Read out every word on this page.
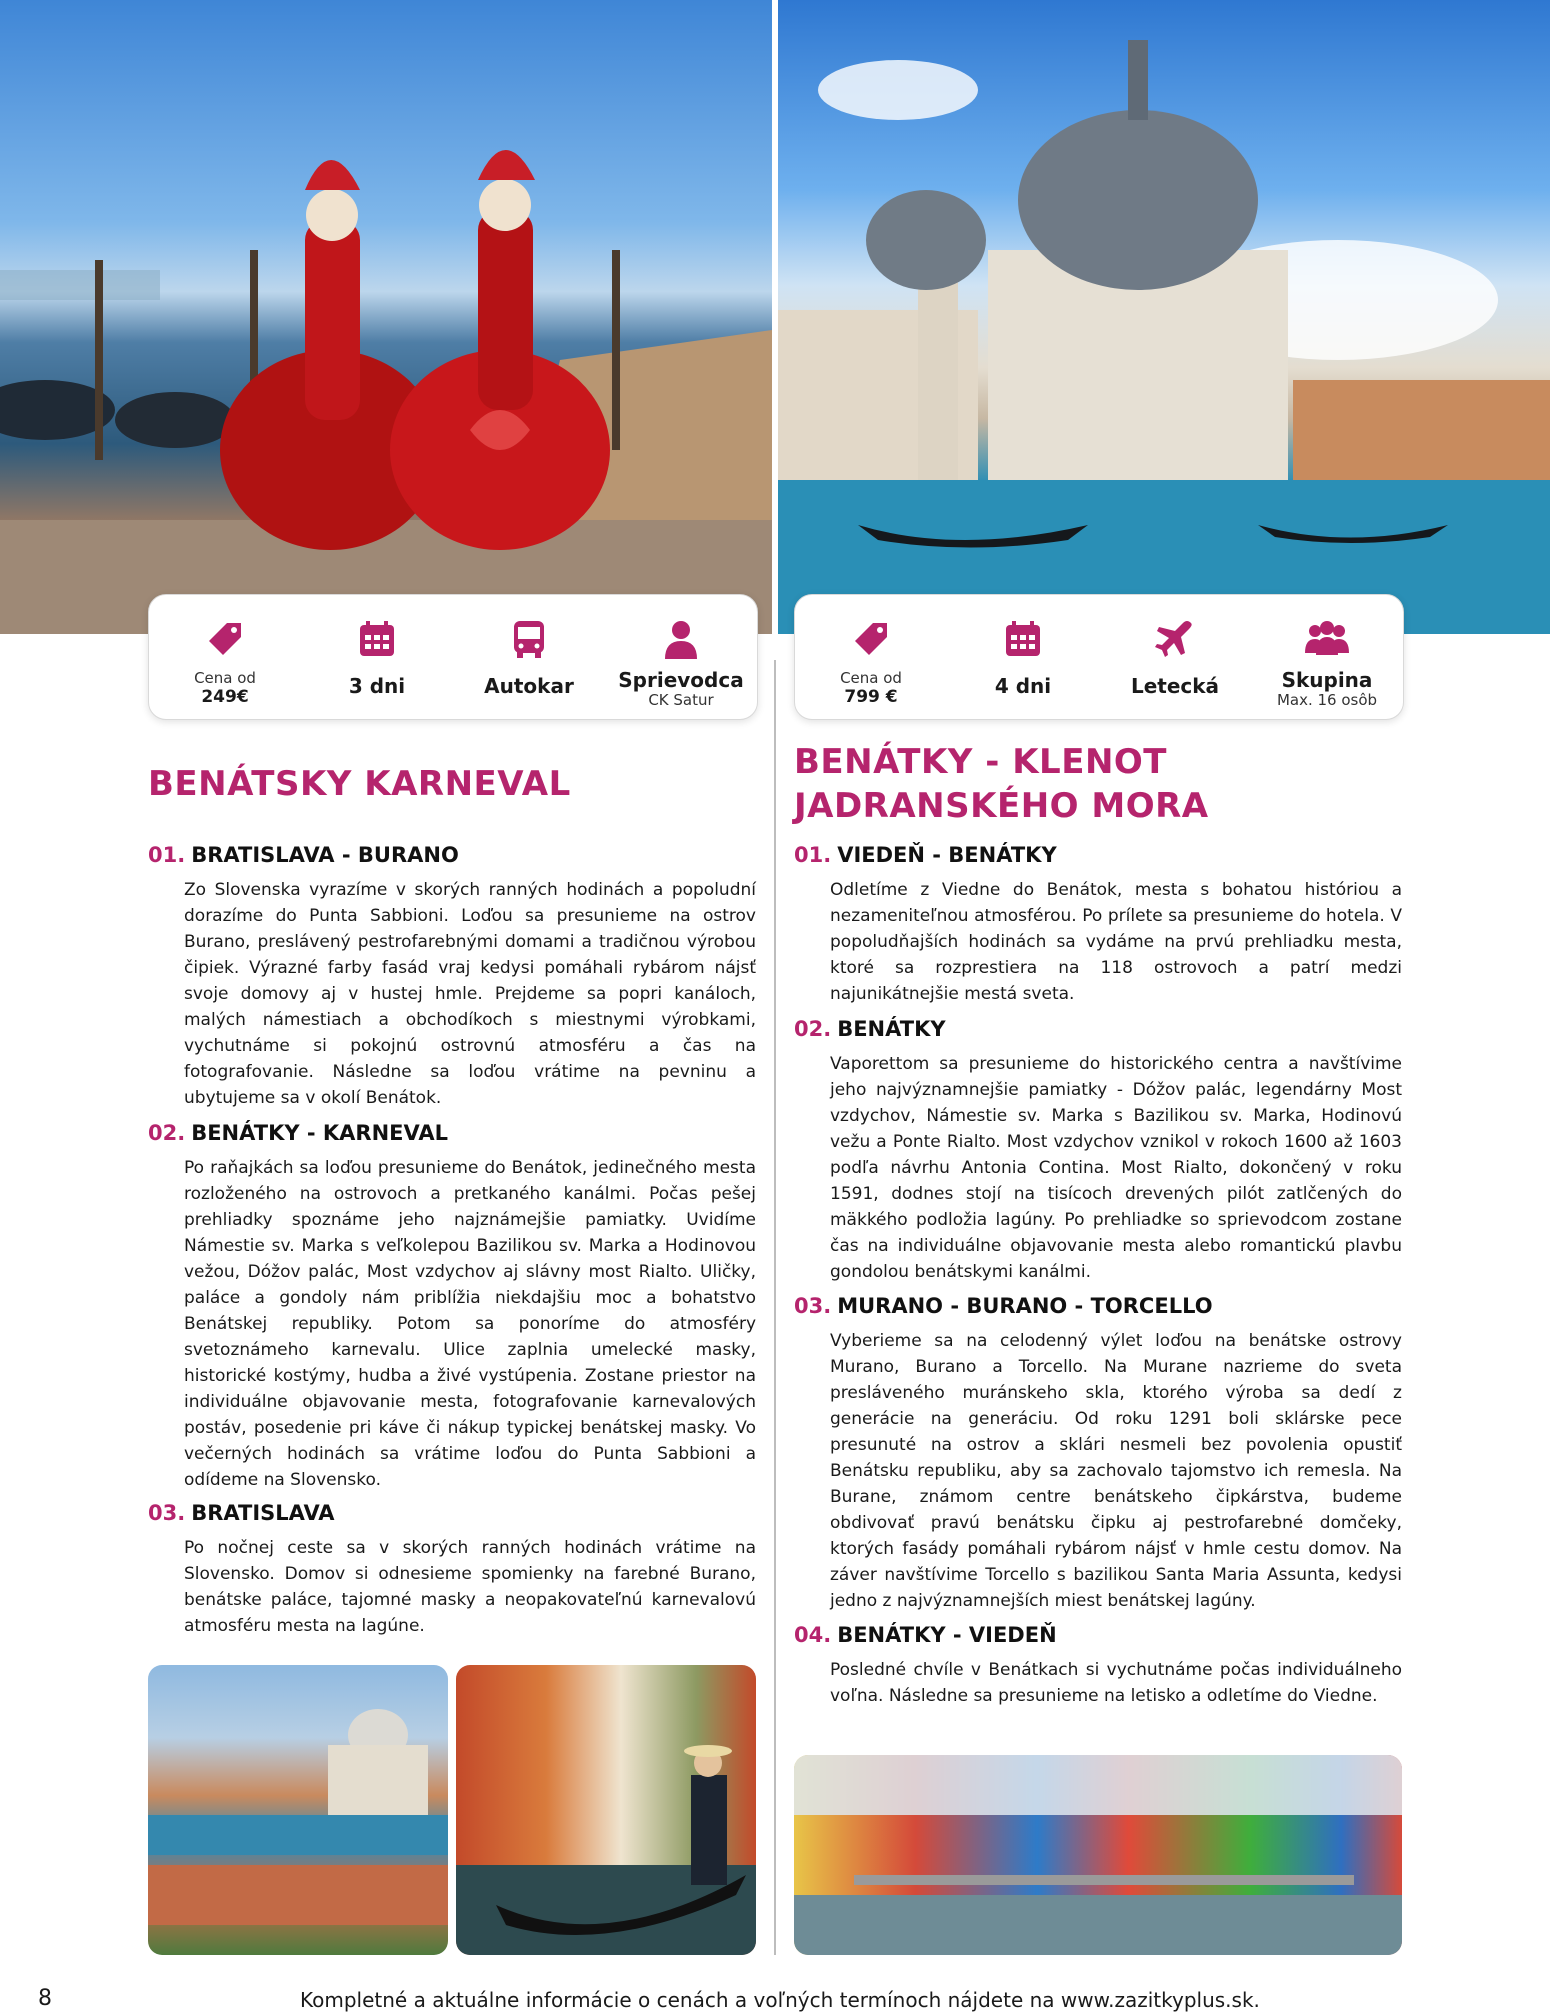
Cena od
249€	3 dni	Autokar Sprievodca
CK Satur
Cena od
799 €	4 dni	Letecká	Skupina
Max. 16 osôb
BENÁTSKY KARNEVAL
01. BRATISLAVA - BURANO
Zo Slovenska vyrazíme v skorých ranných hodinách a popoludní dorazíme do Punta Sabbioni. Loďou sa presunieme na ostrov Burano, preslávený pestrofarebnými domami a tradičnou výrobou čipiek. Výrazné farby fasád vraj kedysi pomáhali rybárom nájsť svoje domovy aj v hustej hmle. Prejdeme sa popri kanáloch, malých námestiach a obchodíkoch s miestnymi výrobkami, vychutnáme si pokojnú ostrovnú atmosféru a čas na fotografovanie. Následne sa loďou vrátime na pevninu a ubytujeme sa v okolí Benátok.
02. BENÁTKY - KARNEVAL
Po raňajkách sa loďou presunieme do Benátok, jedinečného mesta rozloženého na ostrovoch a pretkaného kanálmi. Počas pešej prehliadky spoznáme jeho najznámejšie pamiatky. Uvidíme Námestie sv. Marka s veľkolepou Bazilikou sv. Marka a Hodinovou vežou, Dóžov palác, Most vzdychov aj slávny most Rialto. Uličky, paláce a gondoly nám priblížia niekdajšiu moc a bohatstvo Benátskej republiky. Potom sa ponoríme do atmosféry svetoznámeho karnevalu. Ulice zaplnia umelecké masky, historické kostýmy, hudba a živé vystúpenia. Zostane priestor na individuálne objavovanie mesta, fotografovanie karnevalových postáv, posedenie pri káve či nákup typickej benátskej masky. Vo večerných hodinách sa vrátime loďou do Punta Sabbioni a odídeme na Slovensko.
03. BRATISLAVA
Po nočnej ceste sa v skorých ranných hodinách vrátime na Slovensko. Domov si odnesieme spomienky na farebné Burano, benátske paláce, tajomné masky a neopakovateľnú karnevalovú atmosféru mesta na lagúne.
BENÁTKY - KLENOT
JADRANSKÉHO MORA
01. VIEDEŇ - BENÁTKY
Odletíme z Viedne do Benátok, mesta s bohatou históriou a nezameniteľnou atmosférou. Po prílete sa presunieme do hotela. V popoludňajších hodinách sa vydáme na prvú prehliadku mesta, ktoré sa rozprestiera na 118 ostrovoch a patrí medzi najunikátnejšie mestá sveta.
02. BENÁTKY
Vaporettom sa presunieme do historického centra a navštívime jeho najvýznamnejšie pamiatky - Dóžov palác, legendárny Most vzdychov, Námestie sv. Marka s Bazilikou sv. Marka, Hodinovú vežu a Ponte Rialto. Most vzdychov vznikol v rokoch 1600 až 1603 podľa návrhu Antonia Contina. Most Rialto, dokončený v roku 1591, dodnes stojí na tisícoch drevených pilót zatlčených do mäkkého podložia lagúny. Po prehliadke so sprievodcom zostane čas na individuálne objavovanie mesta alebo romantickú plavbu gondolou benátskymi kanálmi.
03. MURANO - BURANO - TORCELLO
Vyberieme sa na celodenný výlet loďou na benátske ostrovy Murano, Burano a Torcello. Na Murane nazrieme do sveta presláveného muránskeho skla, ktorého výroba sa dedí z generácie na generáciu. Od roku 1291 boli sklárske pece presunuté na ostrov a sklári nesmeli bez povolenia opustiť Benátsku republiku, aby sa zachovalo tajomstvo ich remesla. Na Burane, známom centre benátskeho čipkárstva, budeme obdivovať pravú benátsku čipku aj pestrofarebné domčeky, ktorých fasády pomáhali rybárom nájsť v hmle cestu domov. Na záver navštívime Torcello s bazilikou Santa Maria Assunta, kedysi jedno z najvýznamnejších miest benátskej lagúny.
04. BENÁTKY - VIEDEŇ
Posledné chvíle v Benátkach si vychutnáme počas individuálneho voľna. Následne sa presunieme na letisko a odletíme do Viedne.
8	Kompletné a aktuálne informácie o cenách a voľných termínoch nájdete na www.zazitkyplus.sk.
